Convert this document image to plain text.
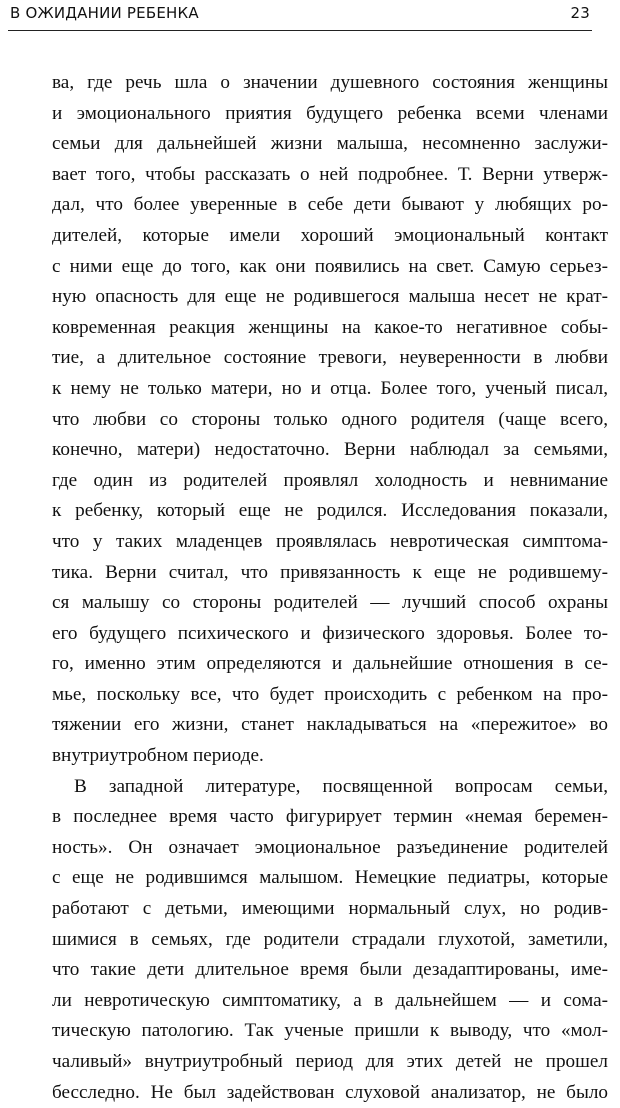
В ОЖИДАНИИ РЕБЕНКА	23
ва, где речь шла о значении душевного состояния женщины
и эмоционального приятия будущего ребенка всеми членами
семьи для дальнейшей жизни малыша, несомненно заслужи-
вает того, чтобы рассказать о ней подробнее. Т. Верни утверж-
дал, что более уверенные в себе дети бывают у любящих ро-
дителей, которые имели хороший эмоциональный контакт
с ними еще до того, как они появились на свет. Самую серьез-
ную опасность для еще не родившегося малыша несет не крат-
ковременная реакция женщины на какое-то негативное собы-
тие, а длительное состояние тревоги, неуверенности в любви
к нему не только матери, но и отца. Более того, ученый писал,
что любви со стороны только одного родителя (чаще всего,
конечно, матери) недостаточно. Верни наблюдал за семьями,
где один из родителей проявлял холодность и невнимание
к ребенку, который еще не родился. Исследования показали,
что у таких младенцев проявлялась невротическая симптома-
тика. Верни считал, что привязанность к еще не родившему-
ся малышу со стороны родителей — лучший способ охраны
его будущего психического и физического здоровья. Более то-
го, именно этим определяются и дальнейшие отношения в се-
мье, поскольку все, что будет происходить с ребенком на про-
тяжении его жизни, станет накладываться на «пережитое» во
внутриутробном периоде.
В западной литературе, посвященной вопросам семьи,
в последнее время часто фигурирует термин «немая беремен-
ность». Он означает эмоциональное разъединение родителей
с еще не родившимся малышом. Немецкие педиатры, которые
работают с детьми, имеющими нормальный слух, но родив-
шимися в семьях, где родители страдали глухотой, заметили,
что такие дети длительное время были дезадаптированы, име-
ли невротическую симптоматику, а в дальнейшем — и сома-
тическую патологию. Так ученые пришли к выводу, что «мол-
чаливый» внутриутробный период для этих детей не прошел
бесследно. Не был задействован слуховой анализатор, не было
